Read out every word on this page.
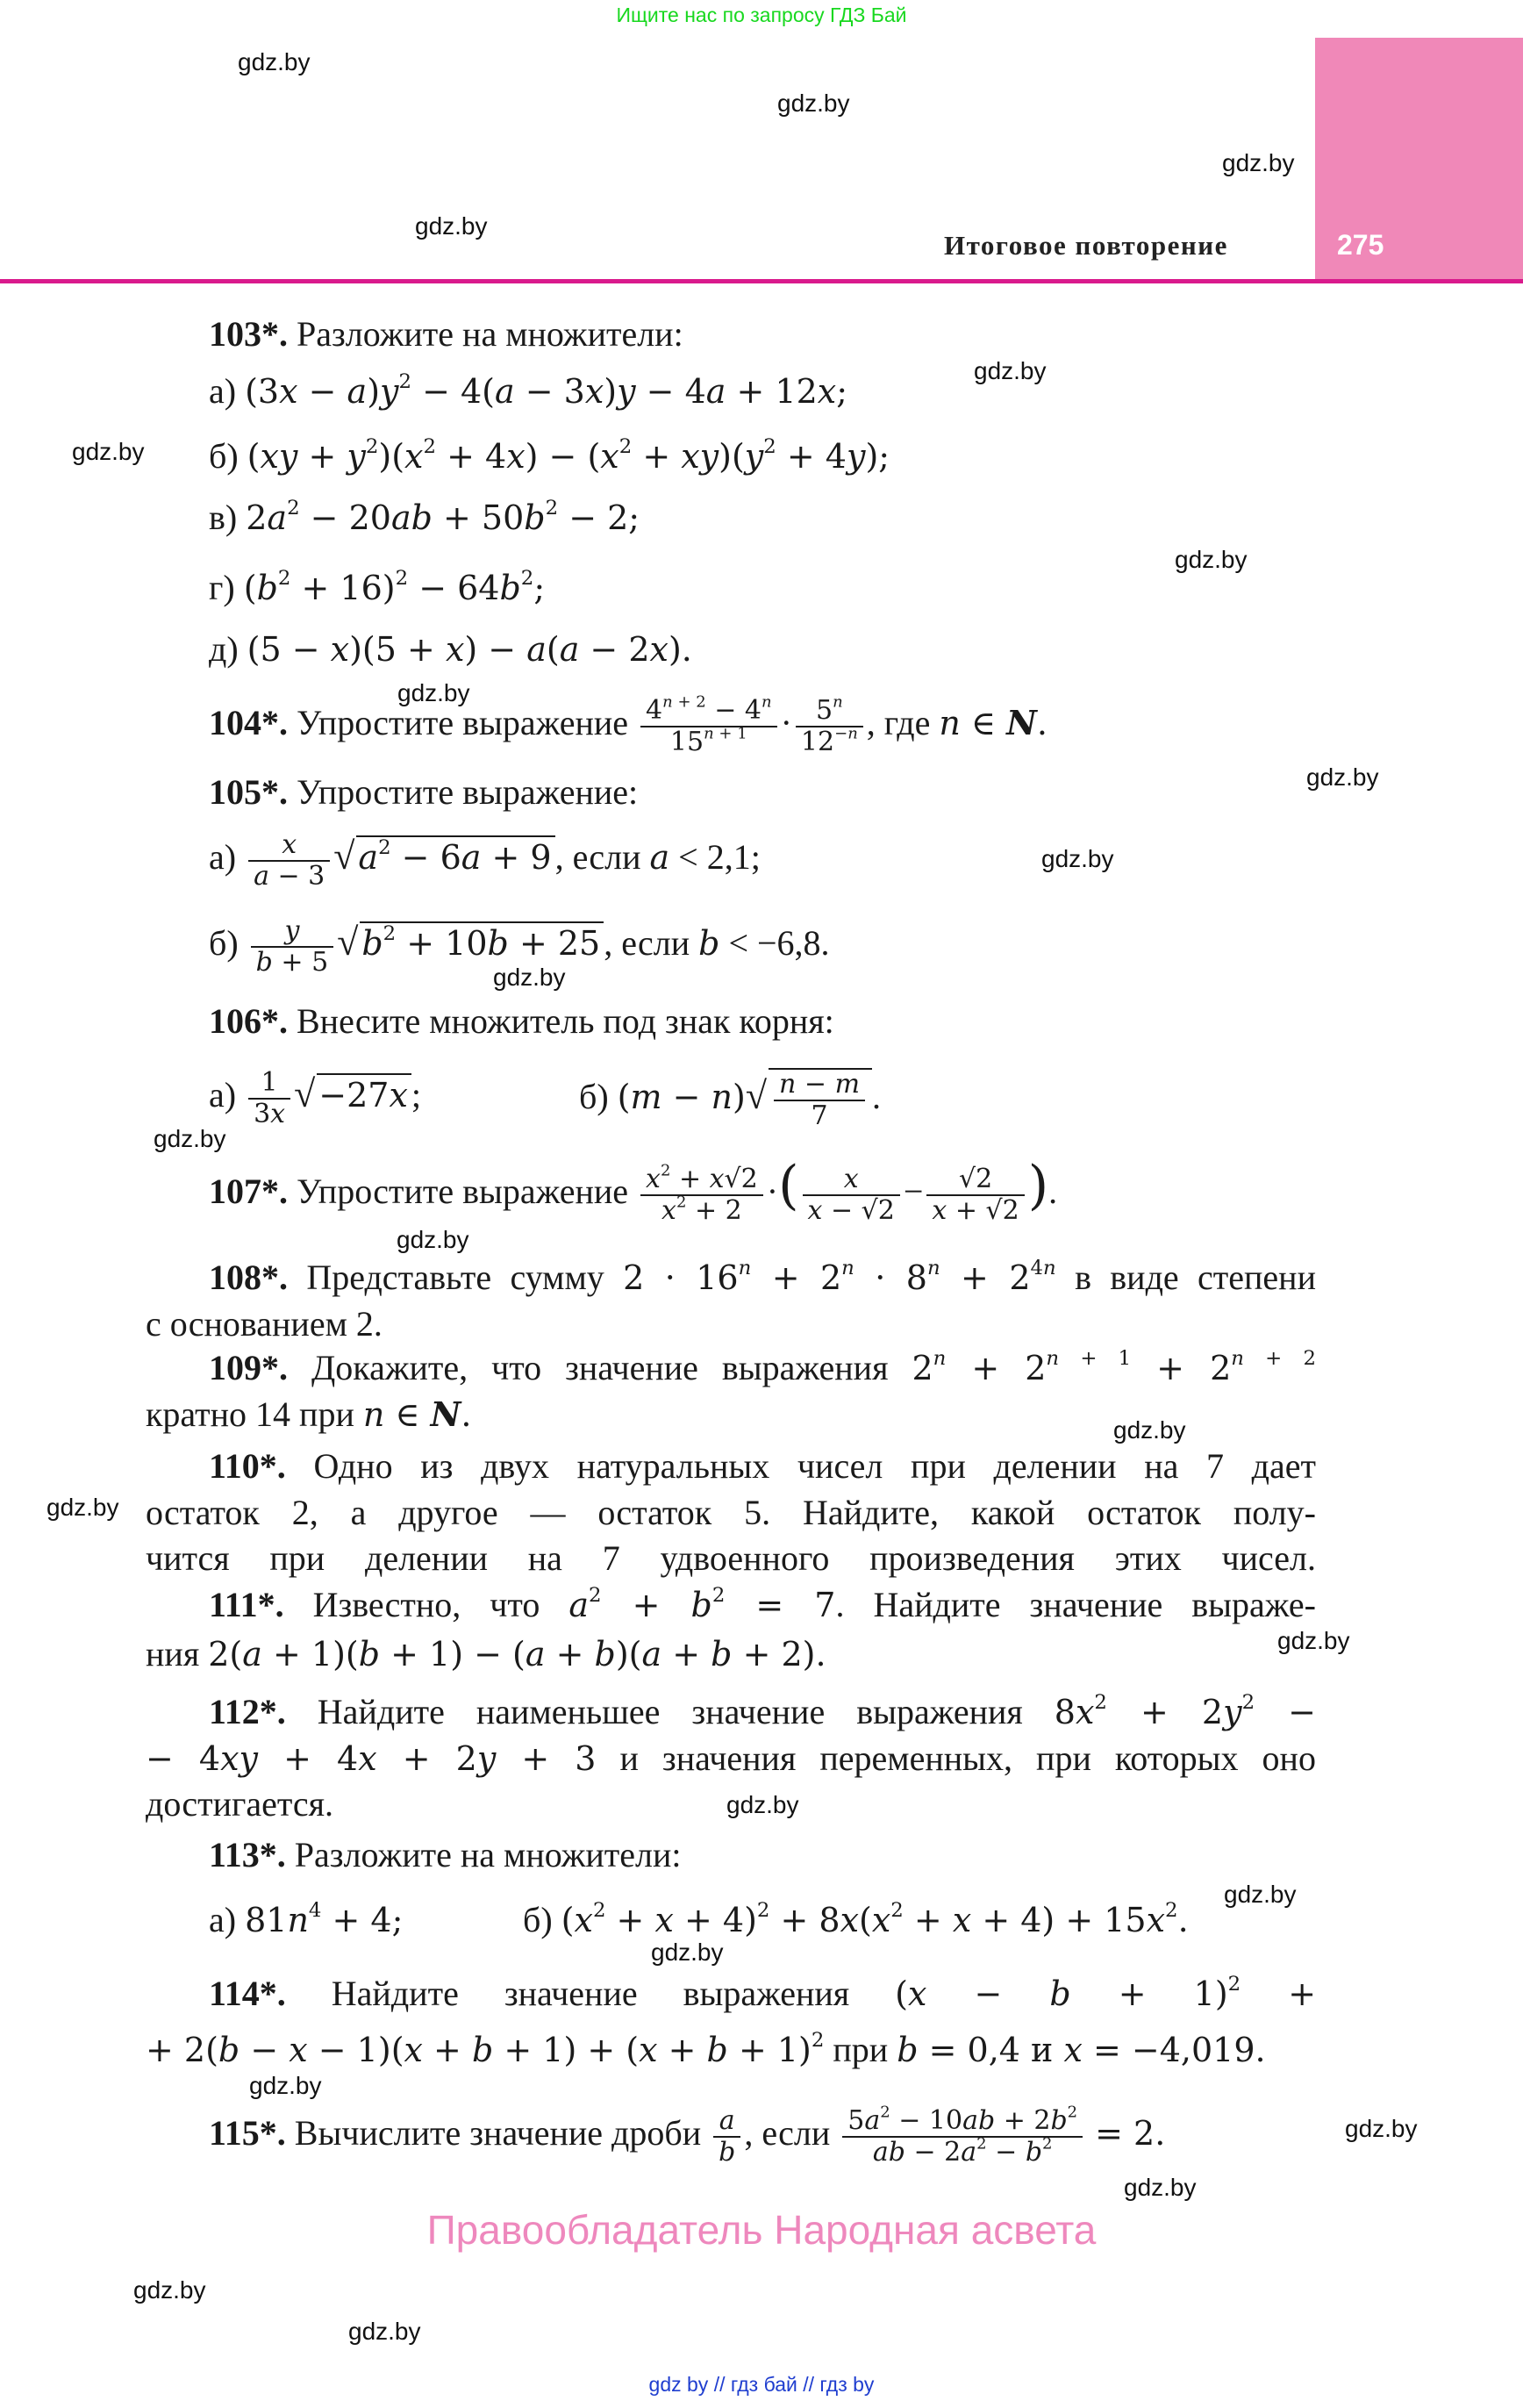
Ищите нас по запросу ГДЗ Бай
275
Итоговое повторение
gdz.by
gdz.by
gdz.by
gdz.by
gdz.by
gdz.by
gdz.by
gdz.by
gdz.by
gdz.by
gdz.by
gdz.by
gdz.by
gdz.by
gdz.by
gdz.by
gdz.by
gdz.by
gdz.by
gdz.by
gdz.by
gdz.by
gdz.by
gdz.by
103*. Разложите на множители:
а) $(3x - a)y^2 - 4(a - 3x)y - 4a + 12x$;
б) $(xy + y^2)(x^2 + 4x) - (x^2 + xy)(y^2 + 4y)$;
в) $2a^2 - 20ab + 50b^2 - 2$;
г) $(b^2 + 16)^2 - 64b^2$;
д) (5 − x)(5 + x) − a(a − 2x).
104*. Упростите выражение $\frac{4^{n + 2} - 4^n}{15^{n + 1}} \cdot \frac{5^n}{12^{-n}}$ , где n ∈ N.
105*. Упростите выражение:
$а) \frac{x}{a - 3}$ √ $a^2 - 6a + 9$ , если a < 2,1;
$б) \frac{y}{b + 5}$ √ $b^2 + 10b + 25$ , если b < −6,8.
106*. Внесите множитель под знак корня:
$а) \frac{1}{3x}$ √ −27x ;	б) $(m - n)√ \frac{n - m}{7}$ .
107*. Упростите выражение $\frac{x^2 + x√2}{x^2 + 2}$ ·( $\frac{x}{x - √2} - \frac{√2}{x + √2}$ ).
108*. Представьте сумму $2 \cdot 16^n + 2^n \cdot 8^n + 2^{4n}$ в виде степени
с основанием 2.
109*. Докажите, что значение выражения $2^n + 2^{n + 1} + 2^{n + 2}$
кратно 14 при n ∈ N.
110*. Одно из двух натуральных чисел при делении на 7 дает
остаток 2, а другое — остаток 5. Найдите, какой остаток полу-
чится при делении на 7 удвоенного произведения этих чисел.
111*. Известно, что $a^2 + b^2 = 7$. Найдите значение выраже-
ния 2(a + 1)(b + 1) − (a + b)(a + b + 2).
112*. Найдите наименьшее значение выражения $8x^2 + 2y^2$ −
− 4xy + 4x + 2y + 3 и значения переменных, при которых оно
достигается.
113*. Разложите на множители:
а) $81n^4 + 4$;	б) $(x^2 + x + 4)^2 + 8x(x^2 + x + 4) + 15x^2$.
114*. Найдите значение выражения $(x - b + 1)^2$ +
+ $2(b - x - 1)(x + b + 1) + (x + b + 1)^2$ при b = 0,4 и x = −4,019.
115*. Вычислите значение дроби $\frac{a}{b}$ , если $\frac{5a^2 - 10ab + 2b^2}{ab - 2a^2 - b^2} = 2$.
Правообладатель Народная асвета
gdz by // гдз бай // гдз by
